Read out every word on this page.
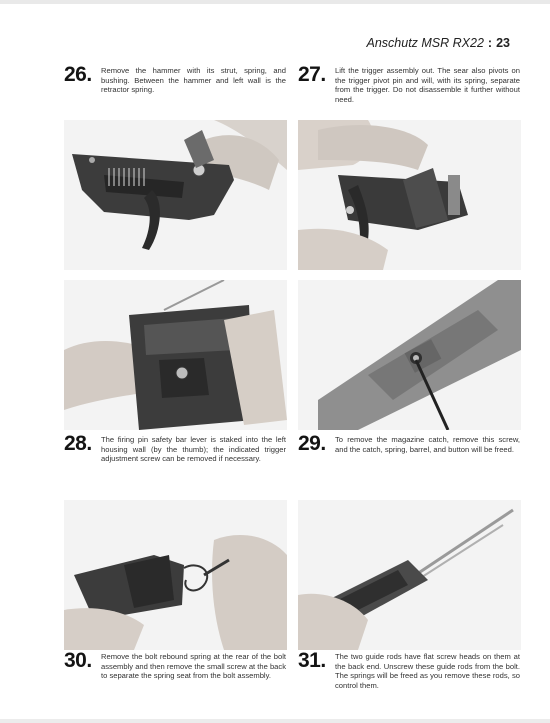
Anschutz MSR RX22 : 23
26. Remove the hammer with its strut, spring, and bushing. Between the hammer and left wall is the retractor spring.
27. Lift the trigger assembly out. The sear also pivots on the trigger pivot pin and will, with its spring, separate from the trigger. Do not disassemble it further without need.
28. The firing pin safety bar lever is staked into the left housing wall (by the thumb); the indicated trigger adjustment screw can be removed if necessary.
29. To remove the magazine catch, remove this screw, and the catch, spring, barrel, and button will be freed.
30. Remove the bolt rebound spring at the rear of the bolt assembly and then remove the small screw at the back to separate the spring seat from the bolt assembly.
31. The two guide rods have flat screw heads on them at the back end. Unscrew these guide rods from the bolt. The springs will be freed as you remove these rods, so control them.
